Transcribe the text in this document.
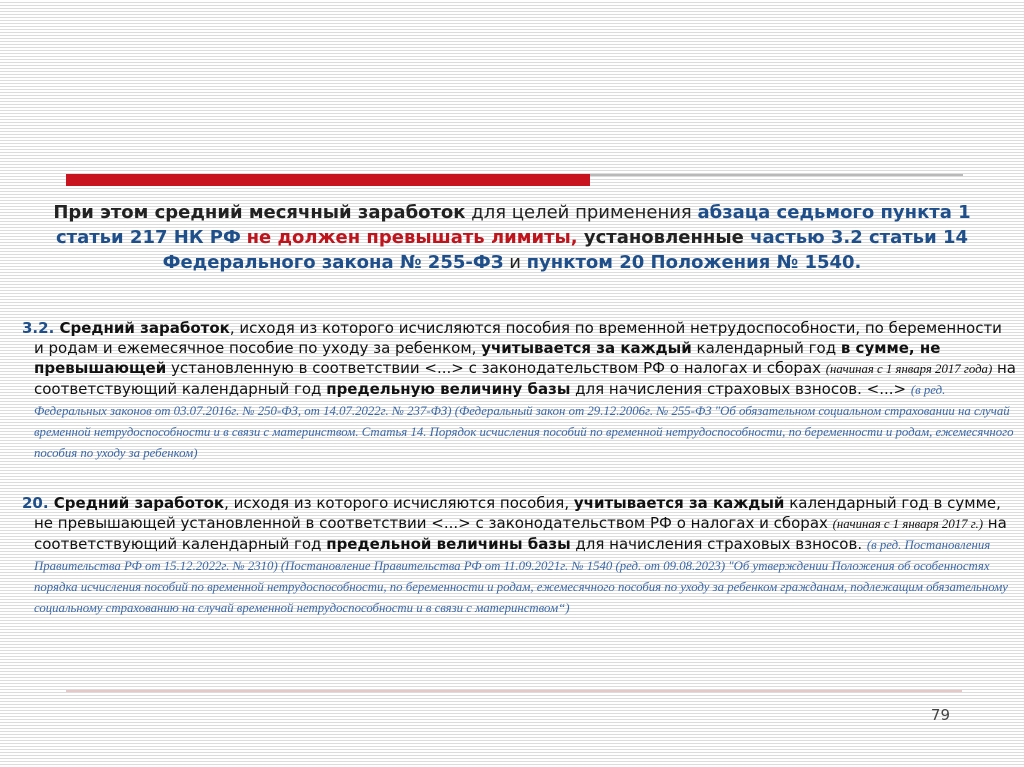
При этом средний месячный заработок для целей применения абзаца седьмого пункта 1 статьи 217 НК РФ не должен превышать лимиты, установленные частью 3.2 статьи 14 Федерального закона № 255-ФЗ и пунктом 20 Положения № 1540.
3.2. Средний заработок, исходя из которого исчисляются пособия по временной нетрудоспособности, по беременности и родам и ежемесячное пособие по уходу за ребенком, учитывается за каждый календарный год в сумме, не превышающей установленную в соответствии <...> с законодательством РФ о налогах и сборах (начиная с 1 января 2017 года) на соответствующий календарный год предельную величину базы для начисления страховых взносов. <...> (в ред. Федеральных законов от 03.07.2016г. № 250-ФЗ, от 14.07.2022г. № 237-ФЗ) (Федеральный закон от 29.12.2006г. № 255-ФЗ "Об обязательном социальном страховании на случай временной нетрудоспособности и в связи с материнством. Статья 14. Порядок исчисления пособий по временной нетрудоспособности, по беременности и родам, ежемесячного пособия по уходу за ребенком)
20. Средний заработок, исходя из которого исчисляются пособия, учитывается за каждый календарный год в сумме, не превышающей установленной в соответствии <...> с законодательством РФ о налогах и сборах (начиная с 1 января 2017 г.) на соответствующий календарный год предельной величины базы для начисления страховых взносов. (в ред. Постановления Правительства РФ от 15.12.2022г. № 2310) (Постановление Правительства РФ от 11.09.2021г. № 1540 (ред. от 09.08.2023) "Об утверждении Положения об особенностях порядка исчисления пособий по временной нетрудоспособности, по беременности и родам, ежемесячного пособия по уходу за ребенком гражданам, подлежащим обязательному социальному страхованию на случай временной нетрудоспособности и в связи с материнством“)
79
